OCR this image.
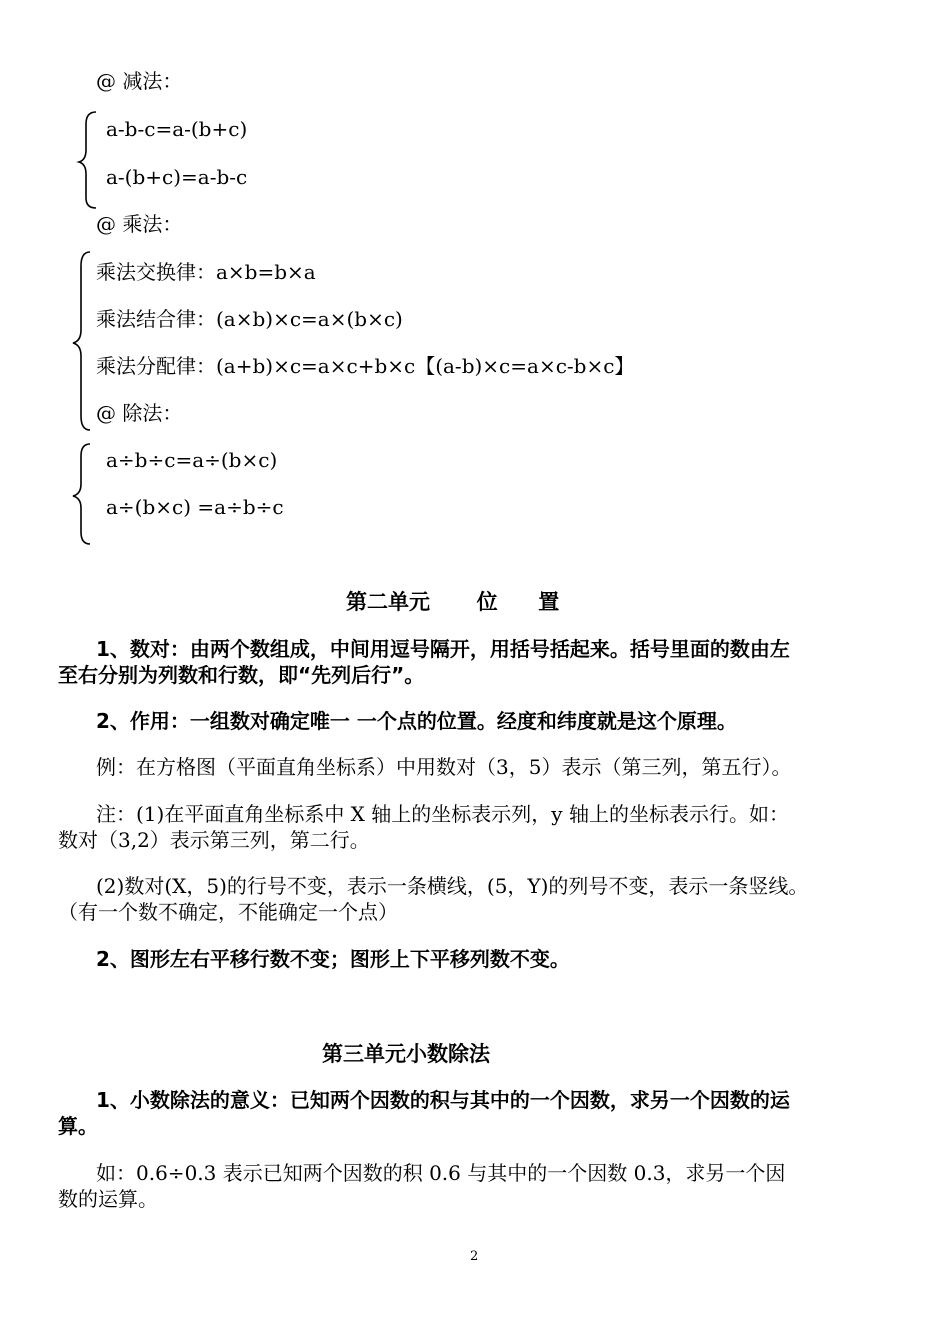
@ 减法：
a-b-c=a-(b+c)
a-(b+c)=a-b-c
@ 乘法：
乘法交换律：a×b=b×a
乘法结合律：(a×b)×c=a×(b×c)
乘法分配律：(a+b)×c=a×c+b×c【(a-b)×c=a×c-b×c】
@ 除法：
a÷b÷c=a÷(b×c)
a÷(b×c) =a÷b÷c
第二单元 位 置
1、数对：由两个数组成，中间用逗号隔开，用括号括起来。括号里面的数由左
至右分别为列数和行数，即“先列后行”。
2、作用：一组数对确定唯一 一个点的位置。经度和纬度就是这个原理。
例：在方格图（平面直角坐标系）中用数对（3，5）表示（第三列，第五行）。
注：(1)在平面直角坐标系中 X 轴上的坐标表示列，y 轴上的坐标表示行。如：
数对（3,2）表示第三列，第二行。
(2)数对(X，5)的行号不变，表示一条横线，(5，Y)的列号不变，表示一条竖线。
（有一个数不确定，不能确定一个点）
2、图形左右平移行数不变；图形上下平移列数不变。
第三单元小数除法
1、小数除法的意义：已知两个因数的积与其中的一个因数，求另一个因数的运
算。
如：0.6÷0.3 表示已知两个因数的积 0.6 与其中的一个因数 0.3，求另一个因
数的运算。
2
